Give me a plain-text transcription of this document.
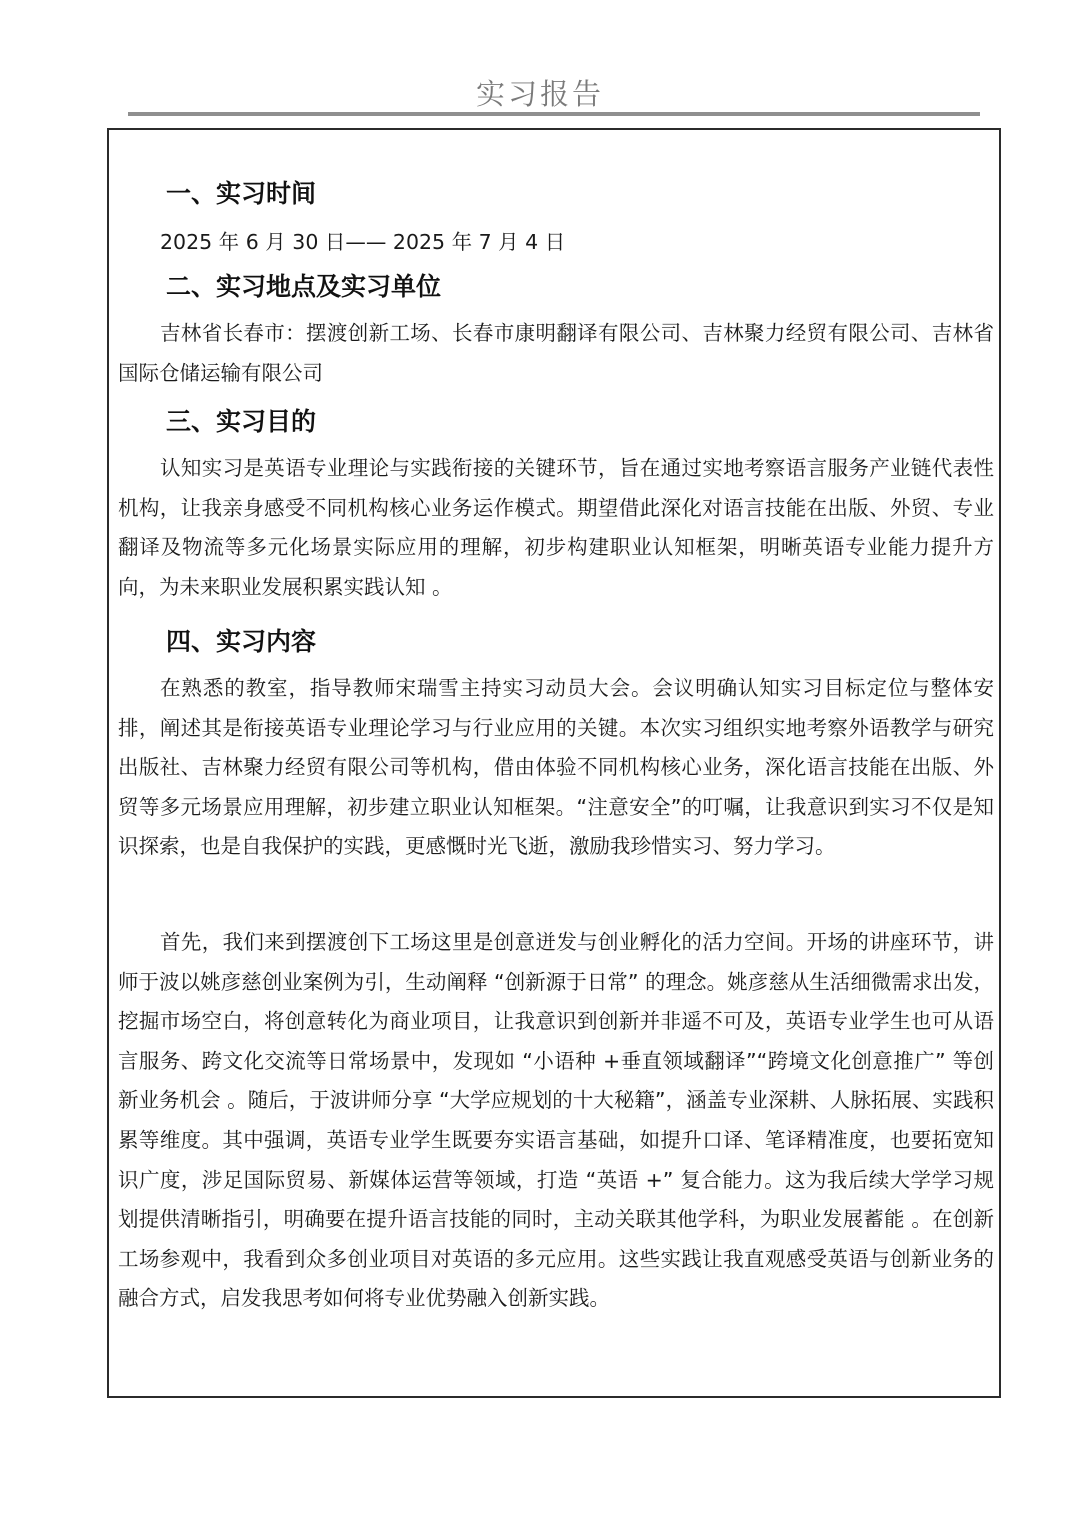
实习报告
一、实习时间
2025 年 6 月 30 日—— 2025 年 7 月 4 日
二、实习地点及实习单位
吉林省长春市：摆渡创新工场、长春市康明翻译有限公司、吉林聚力经贸有限公司、吉林省国际仓储运输有限公司
三、实习目的
认知实习是英语专业理论与实践衔接的关键环节，旨在通过实地考察语言服务产业链代表性机构，让我亲身感受不同机构核心业务运作模式。期望借此深化对语言技能在出版、外贸、专业翻译及物流等多元化场景实际应用的理解，初步构建职业认知框架，明晰英语专业能力提升方向，为未来职业发展积累实践认知 。
四、实习内容
在熟悉的教室，指导教师宋瑞雪主持实习动员大会。会议明确认知实习目标定位与整体安排，阐述其是衔接英语专业理论学习与行业应用的关键。本次实习组织实地考察外语教学与研究出版社、吉林聚力经贸有限公司等机构，借由体验不同机构核心业务，深化语言技能在出版、外贸等多元场景应用理解，初步建立职业认知框架。“注意安全”的叮嘱，让我意识到实习不仅是知识探索，也是自我保护的实践，更感慨时光飞逝，激励我珍惜实习、努力学习。
首先，我们来到摆渡创下工场这里是创意迸发与创业孵化的活力空间。开场的讲座环节，讲师于波以姚彦慈创业案例为引，生动阐释 “创新源于日常” 的理念。姚彦慈从生活细微需求出发，挖掘市场空白，将创意转化为商业项目，让我意识到创新并非遥不可及，英语专业学生也可从语言服务、跨文化交流等日常场景中，发现如 “小语种 +垂直领域翻译”“跨境文化创意推广” 等创新业务机会 。随后，于波讲师分享 “大学应规划的十大秘籍”，涵盖专业深耕、人脉拓展、实践积累等维度。其中强调，英语专业学生既要夯实语言基础，如提升口译、笔译精准度，也要拓宽知识广度，涉足国际贸易、新媒体运营等领域，打造 “英语 +” 复合能力。这为我后续大学学习规划提供清晰指引，明确要在提升语言技能的同时，主动关联其他学科，为职业发展蓄能 。在创新工场参观中，我看到众多创业项目对英语的多元应用。这些实践让我直观感受英语与创新业务的融合方式，启发我思考如何将专业优势融入创新实践。
